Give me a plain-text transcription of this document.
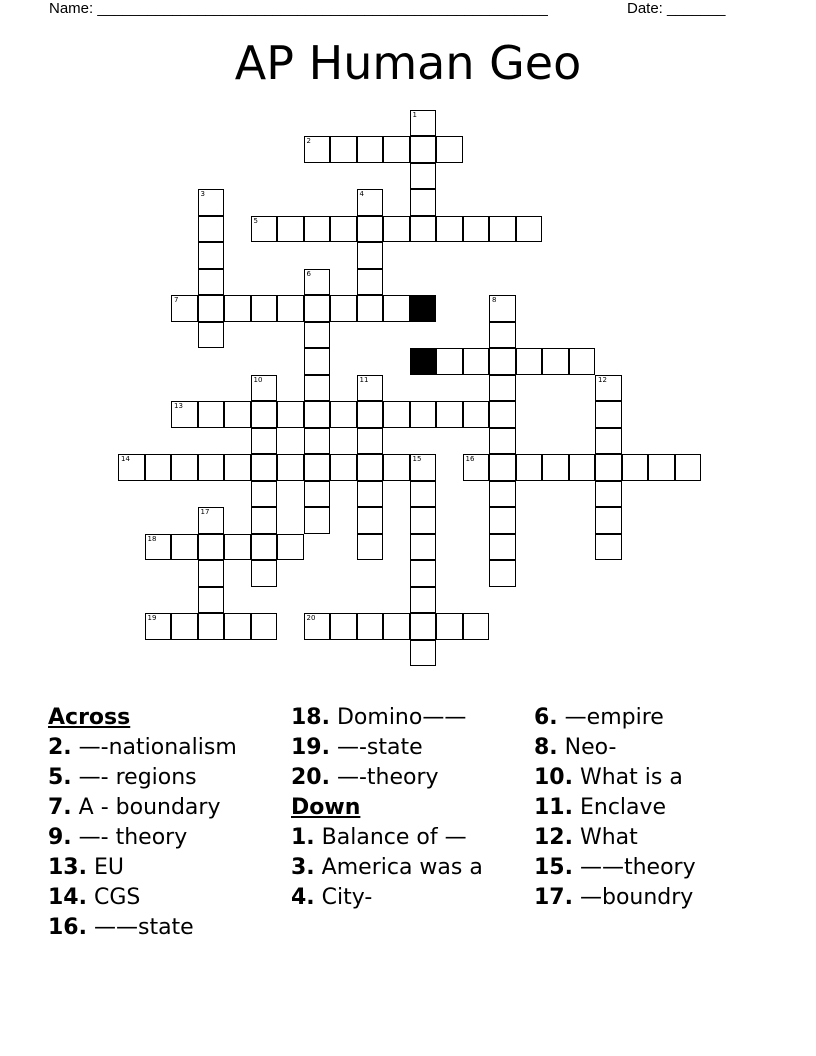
Name: ______________________________________________________	Date: _______
AP Human Geo
1
2
3	4
5
6
7	8
9
10	11	12
13
14	15	16
17
18
19	20
Across
2. —-nationalism
5. —- regions
7. A - boundary
9. —- theory
13. EU
14. CGS
16. ——state
18. Domino——
19. —-state
20. —-theory
Down
1. Balance of —
3. America was a
4. City-
6. —empire
8. Neo-
10. What is a
11. Enclave
12. What
15. ——theory
17. —boundry
